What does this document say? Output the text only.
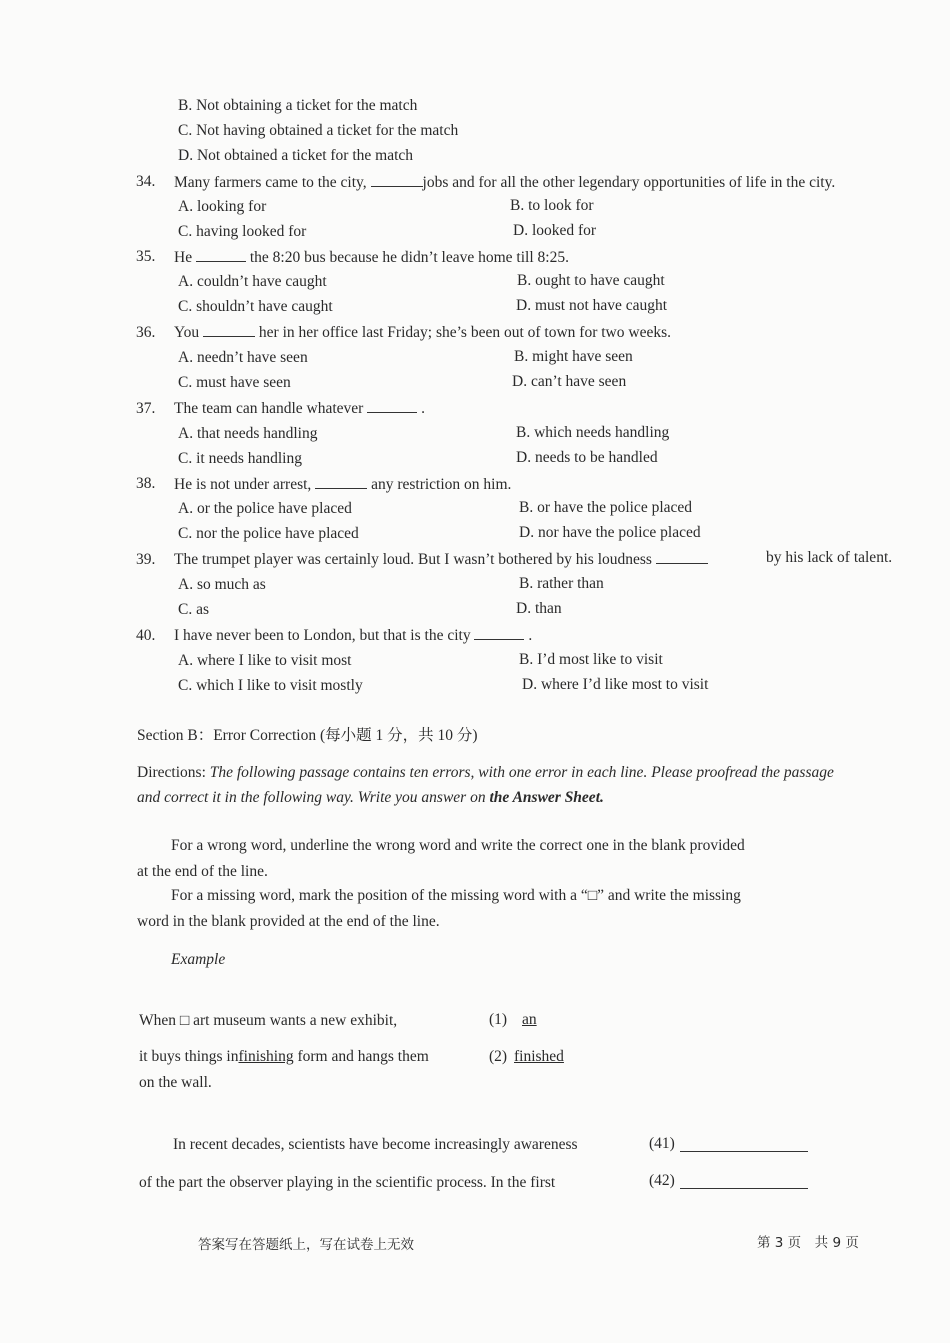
B. Not obtaining a ticket for the match
C. Not having obtained a ticket for the match
D. Not obtained a ticket for the match
34. Many farmers came to the city,	jobs and for all the other legendary opportunities of life in the city.
A. looking for	B. to look for
C. having looked for	D. looked for
35. He	the 8:20 bus because he didn’t leave home till 8:25.
A. couldn’t have caught	B. ought to have caught
C. shouldn’t have caught	D. must not have caught
36. You	her in her office last Friday; she’s been out of town for two weeks.
A. needn’t have seen	B. might have seen
C. must have seen	D. can’t have seen
37. The team can handle whatever	.
A. that needs handling	B. which needs handling
C. it needs handling	D. needs to be handled
38. He is not under arrest,	any restriction on him.
A. or the police have placed	B. or have the police placed
C. nor the police have placed	D. nor have the police placed
39. The trumpet player was certainly loud. But I wasn’t bothered by his loudness	by his lack of talent.
A. so much as	B. rather than
C. as	D. than
40. I have never been to London, but that is the city	.
A. where I like to visit most	B. I’d most like to visit
C. which I like to visit mostly	D. where I’d like most to visit
Section B：Error Correction (每小题 1 分，共 10 分)
Directions: The following passage contains ten errors, with one error in each line. Please proofread the passage
and correct it in the following way. Write you answer on the Answer Sheet.
For a wrong word, underline the wrong word and write the correct one in the blank provided
at the end of the line.
For a missing word, mark the position of the missing word with a “□” and write the missing
word in the blank provided at the end of the line.
Example
When □ art museum wants a new exhibit,	(1) an
it buys things infinishing form and hangs them	(2) finished
on the wall.
In recent decades, scientists have become increasingly awareness	(41)
of the part the observer playing in the scientific process. In the first	(42)
答案写在答题纸上，写在试卷上无效	第 3 页　共 9 页
